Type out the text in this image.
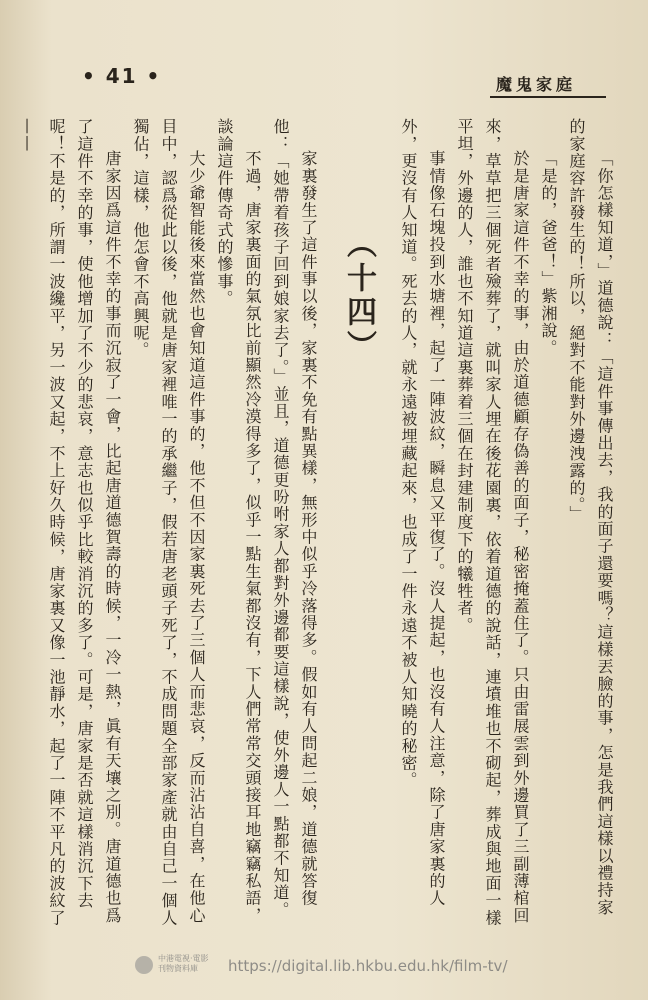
• 41 •	魔鬼家庭

「你怎樣知道，」道德說：「這件事傳出去，我的面子還要嗎？這樣丟臉的事，怎是我們這樣以禮持家的家庭容許發生的！所以，絕對不能對外邊洩露的。」

「是的，爸爸！」紫湘說。

於是唐家這件不幸的事，由於道德顧存偽善的面子，秘密掩蓋住了。只由雷展雲到外邊買了三副薄棺回來，草草把三個死者殮葬了，就叫家人埋在後花園裏，依着道德的說話，連墳堆也不砌起，葬成與地面一樣平坦，外邊的人，誰也不知道這裏葬着三個在封建制度下的犧牲者。

事情像石塊投到水塘裡，起了一陣波紋，瞬息又平復了。沒人提起，也沒有人注意，除了唐家裏的人外，更沒有人知道。死去的人，就永遠被埋藏起來，也成了一件永遠不被人知曉的秘密。

（十四）

家裏發生了這件事以後，家裏不免有點異樣，無形中似乎冷落得多。假如有人問起二娘，道德就答復他：「她帶着孩子回到娘家去了。」並且，道德更吩咐家人都對外邊都要這樣說，使外邊人一點都不知道。

不過，唐家裏面的氣氛比前顯然冷漠得多了，似乎一點生氣都沒有，下人們常常交頭接耳地竊竊私語，談論這件傳奇式的慘事。

大少爺智能後來當然也會知道這件事的，他不但不因家裏死去了三個人而悲哀，反而沾沾自喜，在他心目中，認爲從此以後，他就是唐家裡唯一的承繼子，假若唐老頭子死了，不成問題全部家產就由自己一個人獨佔，這樣，他怎會不高興呢。

唐家因爲這件不幸的事而沉寂了一會，比起唐道德賀壽的時候，一冷一熱，眞有天壤之別。唐道德也爲了這件不幸的事，使他增加了不少的悲哀，意志也似乎比較消沉的多了。可是，唐家是否就這樣消沉下去呢！不是的，所謂一波纔平，另一波又起，不上好久時候，唐家裏又像一池靜水，起了一陣不平凡的波紋了——

中港電視·電影
刊物資料庫	https://digital.lib.hkbu.edu.hk/film-tv/
